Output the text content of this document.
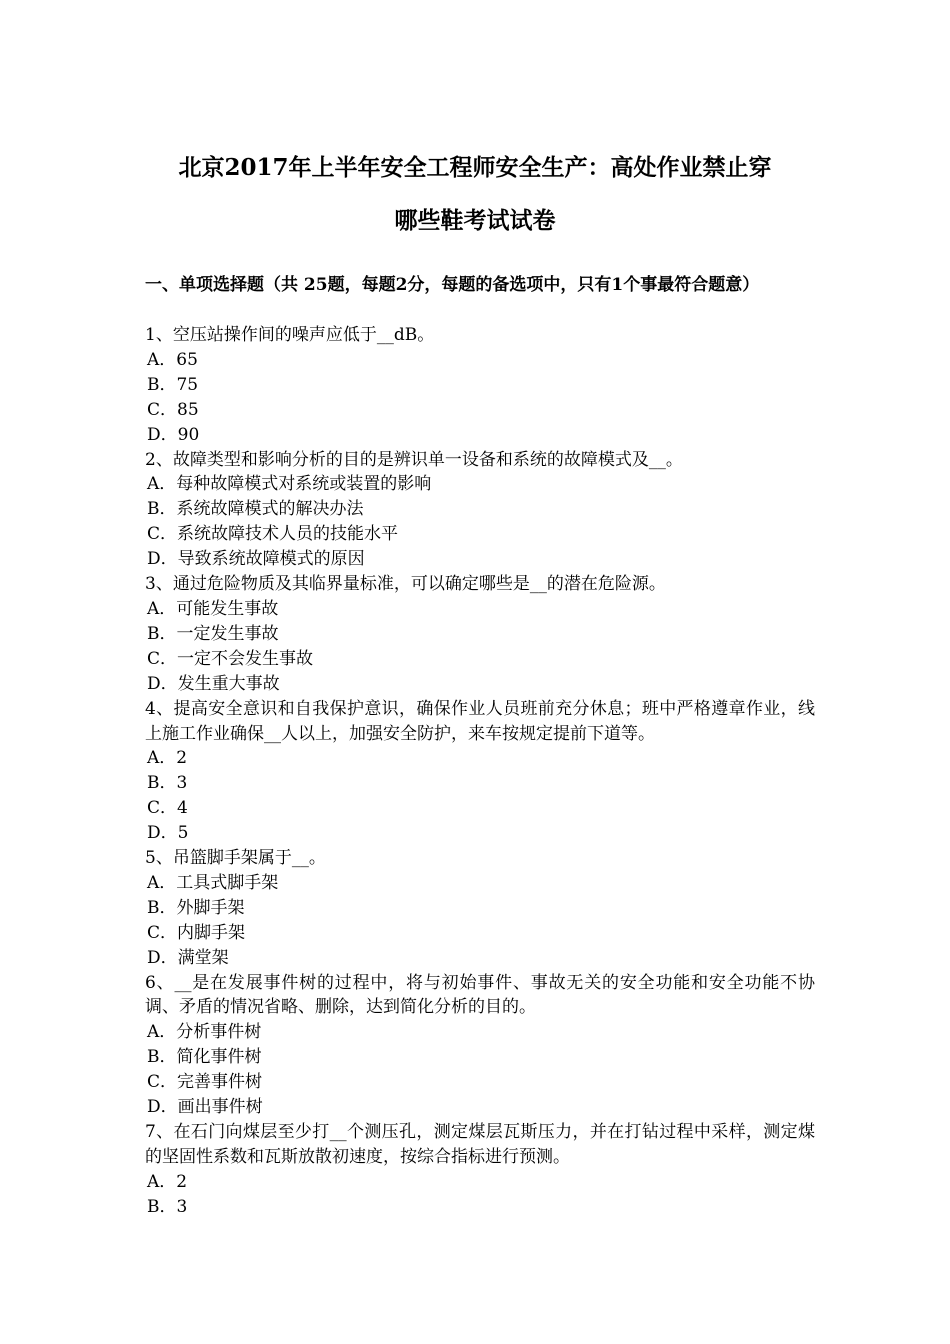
北京2017年上半年安全工程师安全生产：高处作业禁止穿
哪些鞋考试试卷
一、单项选择题（共 25题，每题2分，每题的备选项中，只有1个事最符合题意）
1、空压站操作间的噪声应低于__dB。
A．65
B．75
C．85
D．90
2、故障类型和影响分析的目的是辨识单一设备和系统的故障模式及__。
A．每种故障模式对系统或装置的影响
B．系统故障模式的解决办法
C．系统故障技术人员的技能水平
D．导致系统故障模式的原因
3、通过危险物质及其临界量标准，可以确定哪些是__的潜在危险源。
A．可能发生事故
B．一定发生事故
C．一定不会发生事故
D．发生重大事故
4、提高安全意识和自我保护意识，确保作业人员班前充分休息；班中严格遵章作业，线上施工作业确保__人以上，加强安全防护，来车按规定提前下道等。
A．2
B．3
C．4
D．5
5、吊篮脚手架属于__。
A．工具式脚手架
B．外脚手架
C．内脚手架
D．满堂架
6、__是在发展事件树的过程中，将与初始事件、事故无关的安全功能和安全功能不协调、矛盾的情况省略、删除，达到简化分析的目的。
A．分析事件树
B．简化事件树
C．完善事件树
D．画出事件树
7、在石门向煤层至少打__个测压孔，测定煤层瓦斯压力，并在打钻过程中采样，测定煤的坚固性系数和瓦斯放散初速度，按综合指标进行预测。
A．2
B．3
